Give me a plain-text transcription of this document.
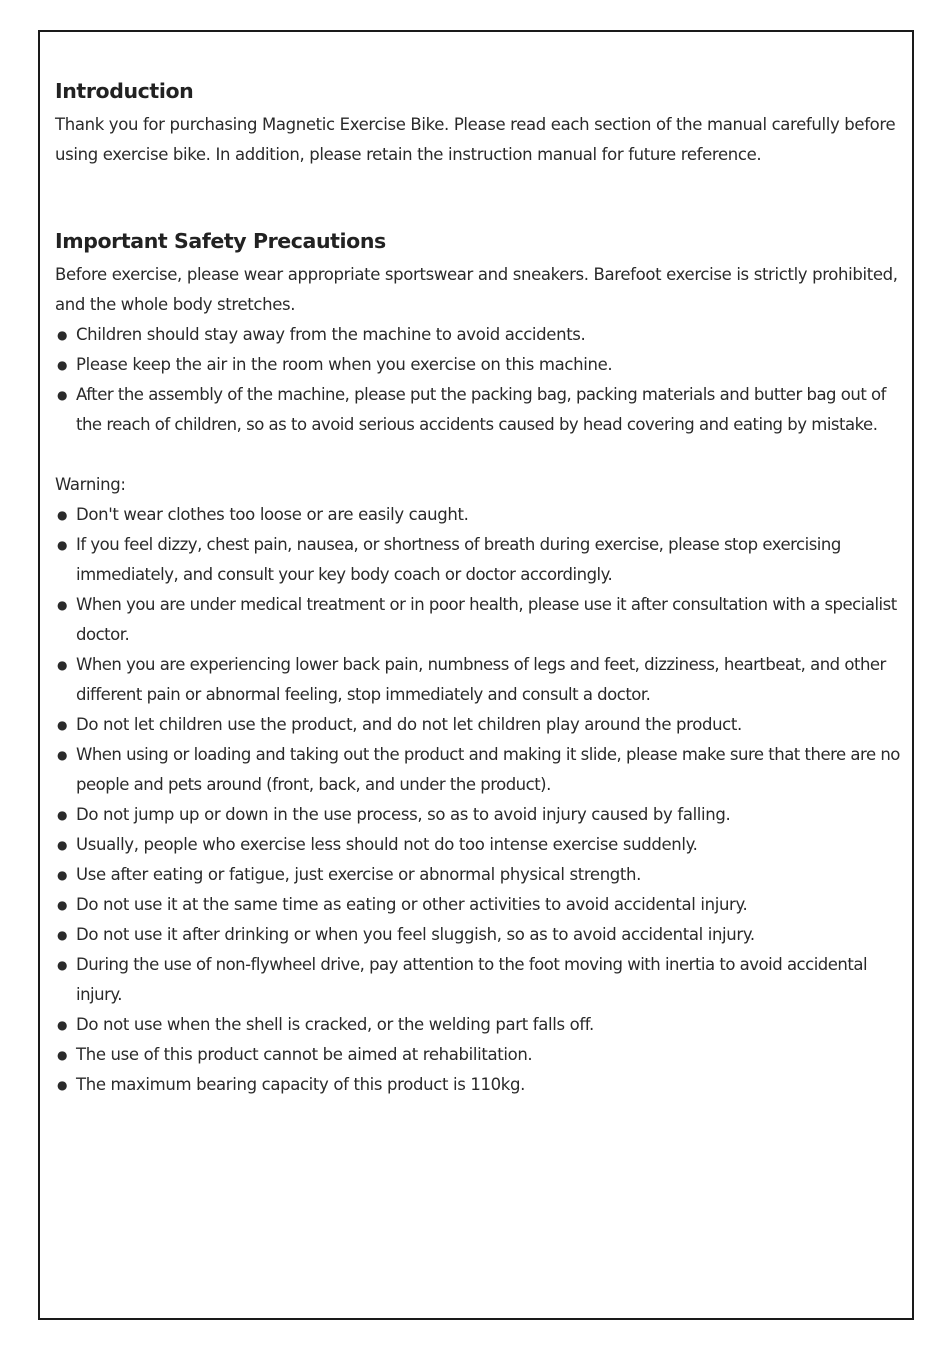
Introduction

Thank you for purchasing Magnetic Exercise Bike. Please read each section of the manual carefully before using exercise bike. In addition, please retain the instruction manual for future reference.

Important Safety Precautions

Before exercise, please wear appropriate sportswear and sneakers. Barefoot exercise is strictly prohibited, and the whole body stretches.

● Children should stay away from the machine to avoid accidents.
● Please keep the air in the room when you exercise on this machine.
● After the assembly of the machine, please put the packing bag, packing materials and butter bag out of the reach of children, so as to avoid serious accidents caused by head covering and eating by mistake.

Warning:

● Don't wear clothes too loose or are easily caught.
● If you feel dizzy, chest pain, nausea, or shortness of breath during exercise, please stop exercising immediately, and consult your key body coach or doctor accordingly.
● When you are under medical treatment or in poor health, please use it after consultation with a specialist doctor.
● When you are experiencing lower back pain, numbness of legs and feet, dizziness, heartbeat, and other different pain or abnormal feeling, stop immediately and consult a doctor.
● Do not let children use the product, and do not let children play around the product.
● When using or loading and taking out the product and making it slide, please make sure that there are no people and pets around (front, back, and under the product).
● Do not jump up or down in the use process, so as to avoid injury caused by falling.
● Usually, people who exercise less should not do too intense exercise suddenly.
● Use after eating or fatigue, just exercise or abnormal physical strength.
● Do not use it at the same time as eating or other activities to avoid accidental injury.
● Do not use it after drinking or when you feel sluggish, so as to avoid accidental injury.
● During the use of non-flywheel drive, pay attention to the foot moving with inertia to avoid accidental injury.
● Do not use when the shell is cracked, or the welding part falls off.
● The use of this product cannot be aimed at rehabilitation.
● The maximum bearing capacity of this product is 110kg.
